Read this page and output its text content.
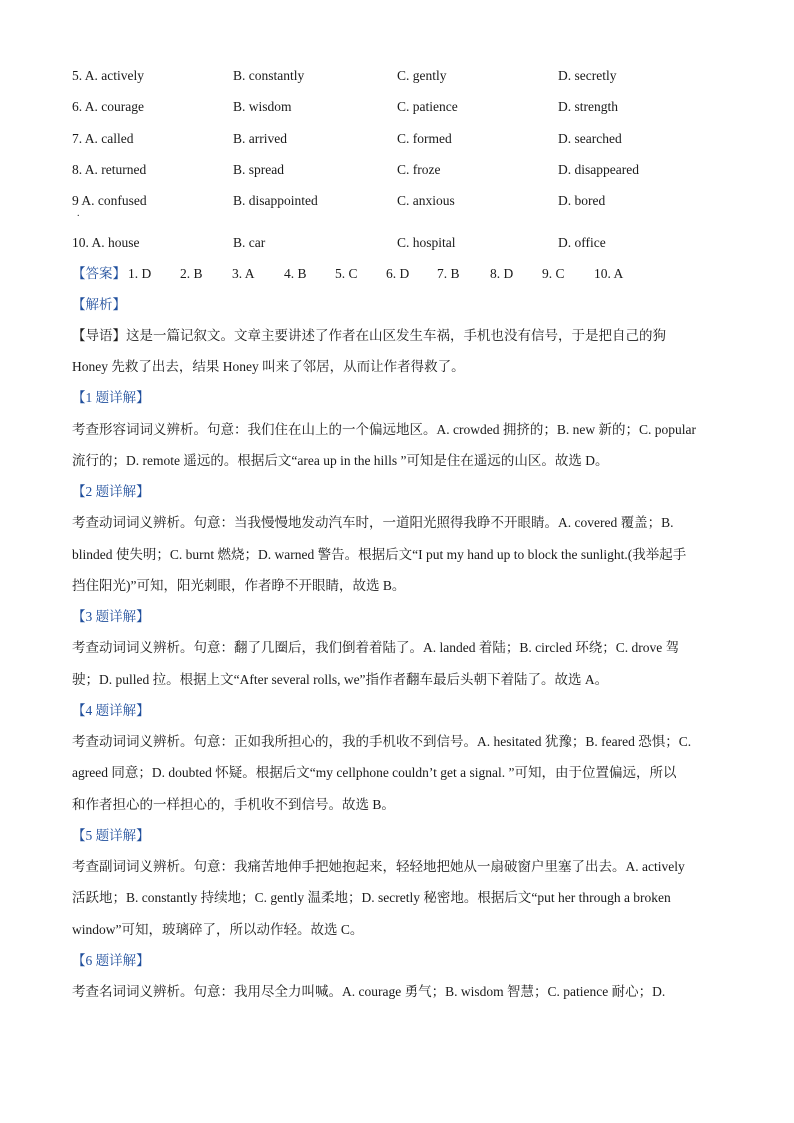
5. A. actively	B. constantly	C. gently	D. secretly
6. A. courage	B. wisdom	C. patience	D. strength
7. A. called	B. arrived	C. formed	D. searched
8. A. returned	B. spread	C. froze	D. disappeared
9 A. confused	B. disappointed	C. anxious	D. bored
.
10. A. house	B. car	C. hospital	D. office
【答案】 1. D 2. B 3. A 4. B 5. C 6. D 7. B 8. D 9. C 10. A
【解析】
【导语】这是一篇记叙文。文章主要讲述了作者在山区发生车祸，手机也没有信号，于是把自己的狗
Honey 先救了出去，结果 Honey 叫来了邻居，从而让作者得救了。
【1 题详解】
考查形容词词义辨析。句意：我们住在山上的一个偏远地区。A. crowded 拥挤的；B. new 新的；C. popular
流行的；D. remote 遥远的。根据后文“area up in the hills ”可知是住在遥远的山区。故选 D。
【2 题详解】
考查动词词义辨析。句意：当我慢慢地发动汽车时，一道阳光照得我睁不开眼睛。A. covered 覆盖；B.
blinded 使失明；C. burnt 燃烧；D. warned 警告。根据后文“I put my hand up to block the sunlight.(我举起手
挡住阳光)”可知，阳光刺眼，作者睁不开眼睛，故选 B。
【3 题详解】
考查动词词义辨析。句意：翻了几圈后，我们倒着着陆了。A. landed 着陆；B. circled 环绕；C. drove 驾
驶；D. pulled 拉。根据上文“After several rolls, we”指作者翻车最后头朝下着陆了。故选 A。
【4 题详解】
考查动词词义辨析。句意：正如我所担心的，我的手机收不到信号。A. hesitated 犹豫；B. feared 恐惧；C.
agreed 同意；D. doubted 怀疑。根据后文“my cellphone couldn’t get a signal. ”可知，由于位置偏远，所以
和作者担心的一样担心的，手机收不到信号。故选 B。
【5 题详解】
考查副词词义辨析。句意：我痛苦地伸手把她抱起来，轻轻地把她从一扇破窗户里塞了出去。A. actively
活跃地；B. constantly 持续地；C. gently 温柔地；D. secretly 秘密地。根据后文“put her through a broken
window”可知，玻璃碎了，所以动作轻。故选 C。
【6 题详解】
考查名词词义辨析。句意：我用尽全力叫喊。A. courage 勇气；B. wisdom 智慧；C. patience 耐心；D.
